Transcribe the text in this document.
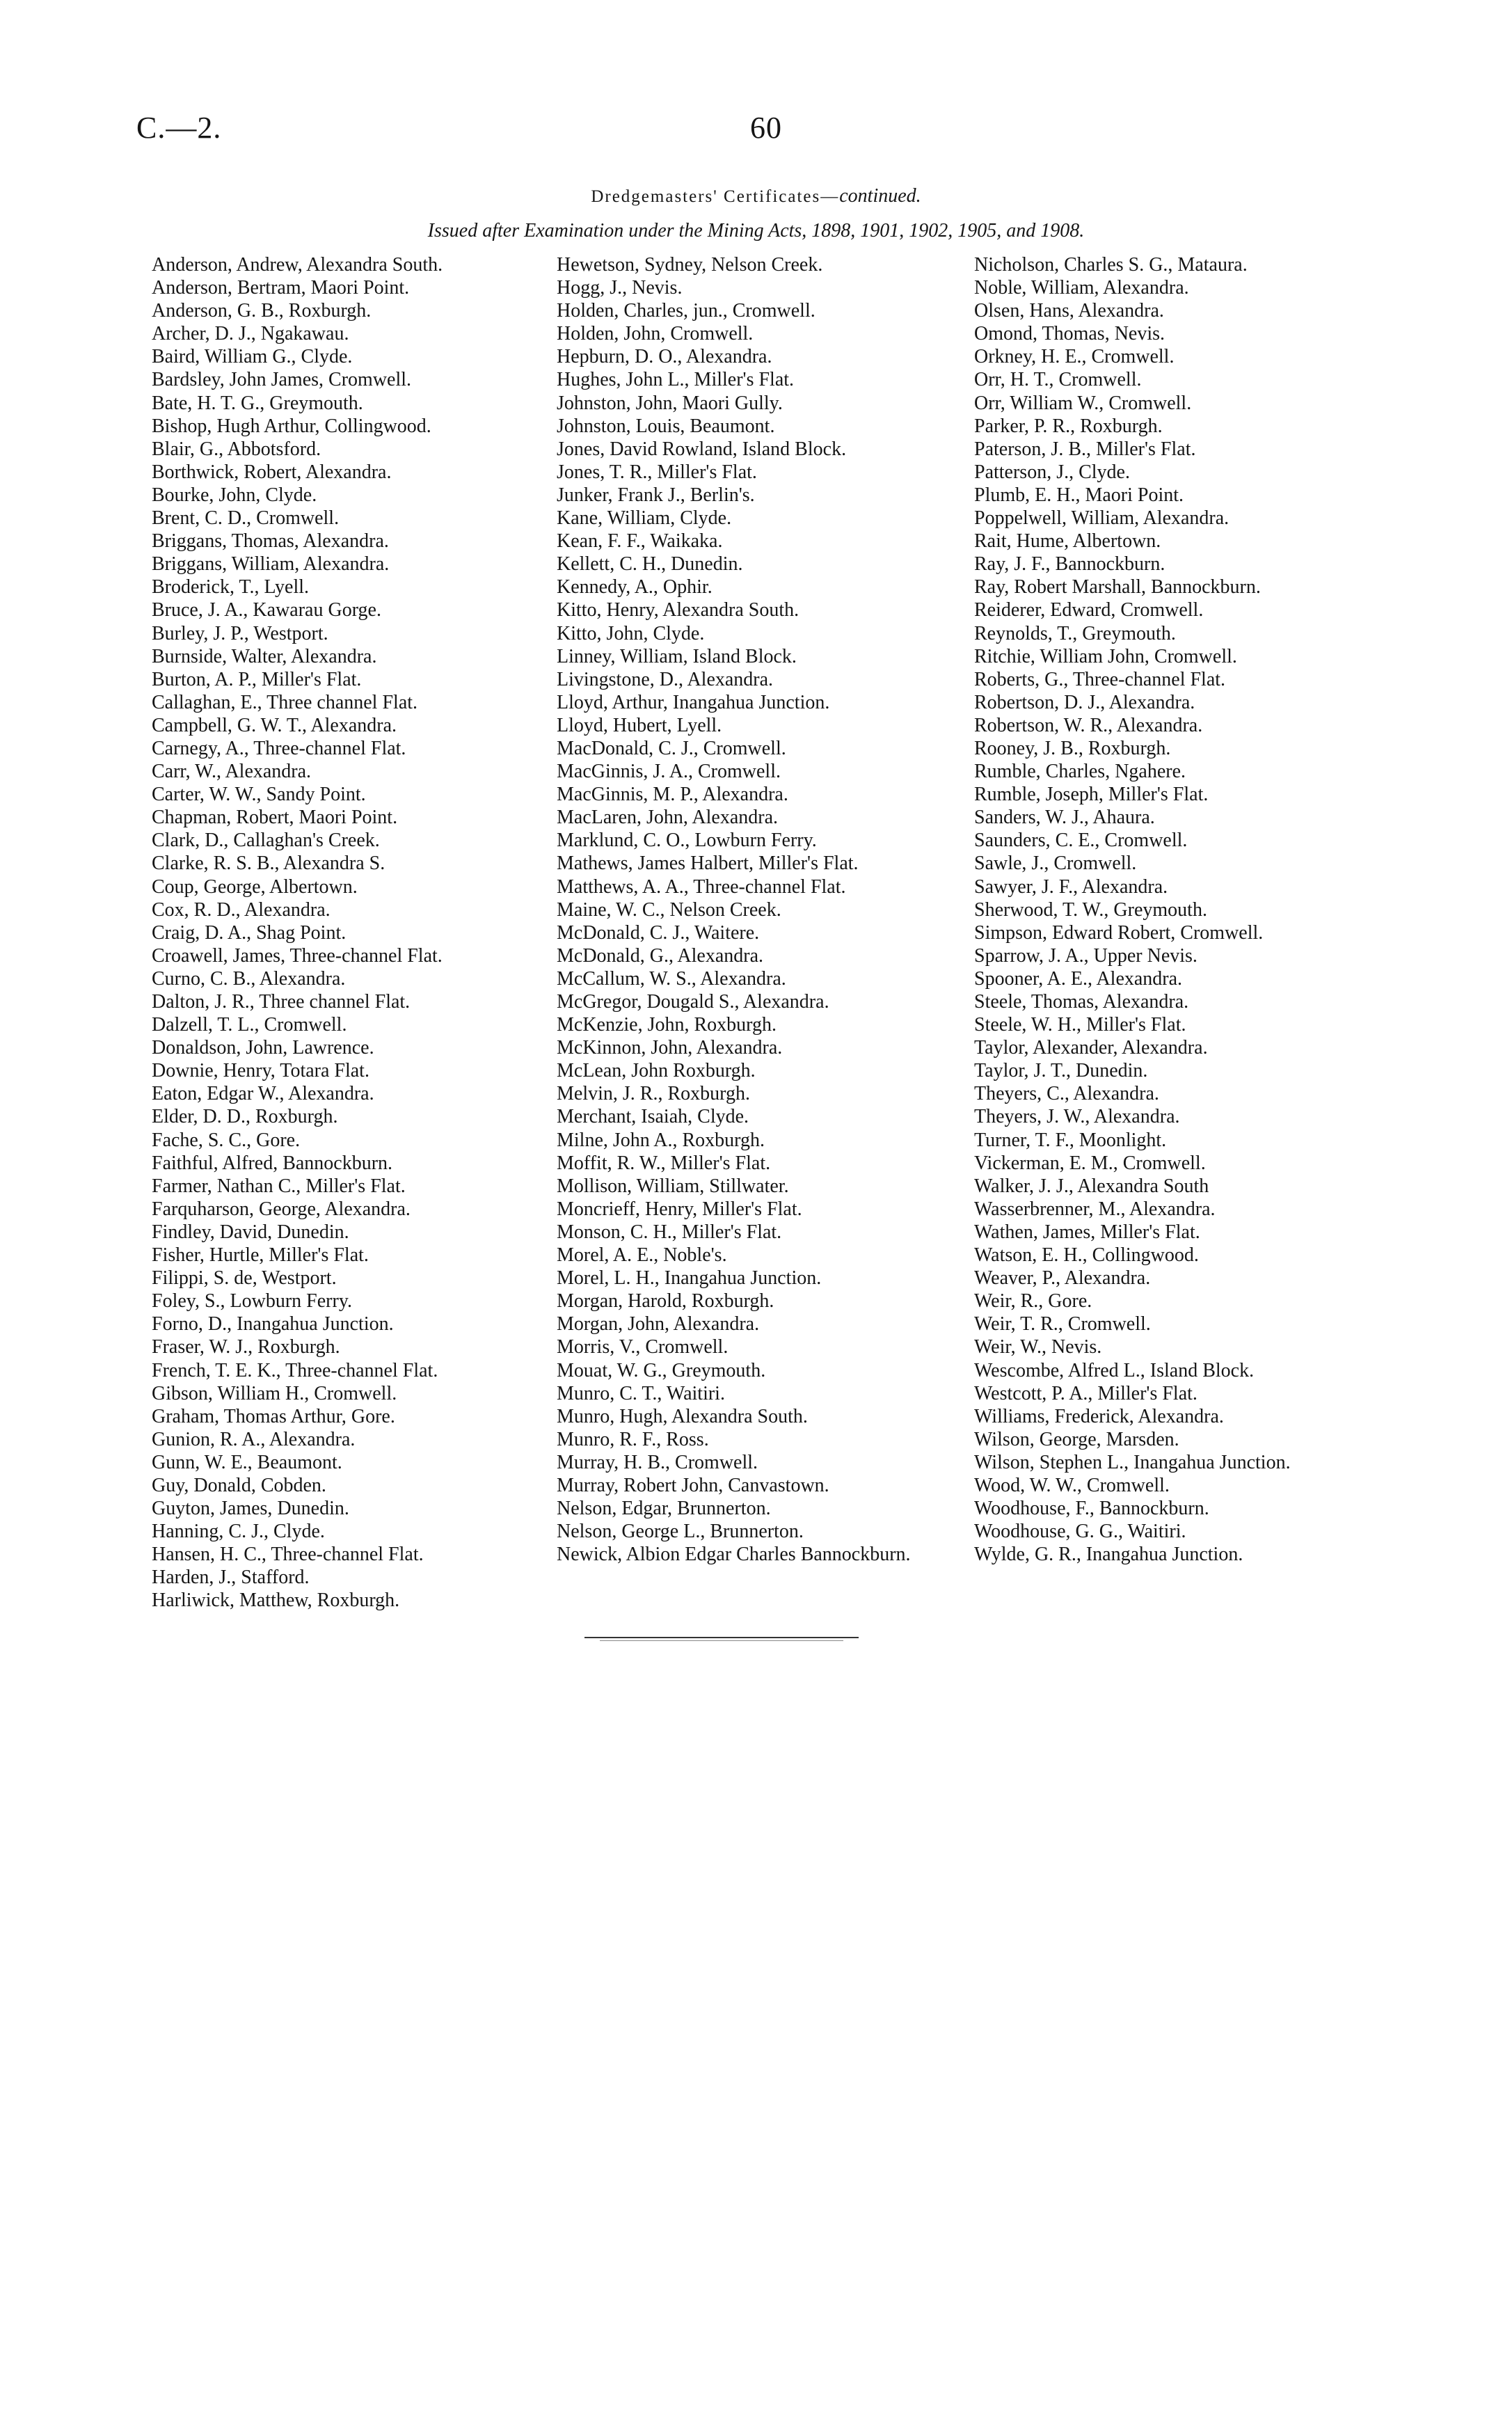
C.—2.	60
Dredgemasters' Certificates—continued.
Issued after Examination under the Mining Acts, 1898, 1901, 1902, 1905, and 1908.
Anderson, Andrew, Alexandra South.
Anderson, Bertram, Maori Point.
Anderson, G. B., Roxburgh.
Archer, D. J., Ngakawau.
Baird, William G., Clyde.
Bardsley, John James, Cromwell.
Bate, H. T. G., Greymouth.
Bishop, Hugh Arthur, Collingwood.
Blair, G., Abbotsford.
Borthwick, Robert, Alexandra.
Bourke, John, Clyde.
Brent, C. D., Cromwell.
Briggans, Thomas, Alexandra.
Briggans, William, Alexandra.
Broderick, T., Lyell.
Bruce, J. A., Kawarau Gorge.
Burley, J. P., Westport.
Burnside, Walter, Alexandra.
Burton, A. P., Miller's Flat.
Callaghan, E., Three channel Flat.
Campbell, G. W. T., Alexandra.
Carnegy, A., Three-channel Flat.
Carr, W., Alexandra.
Carter, W. W., Sandy Point.
Chapman, Robert, Maori Point.
Clark, D., Callaghan's Creek.
Clarke, R. S. B., Alexandra S.
Coup, George, Albertown.
Cox, R. D., Alexandra.
Craig, D. A., Shag Point.
Croawell, James, Three-channel Flat.
Curno, C. B., Alexandra.
Dalton, J. R., Three channel Flat.
Dalzell, T. L., Cromwell.
Donaldson, John, Lawrence.
Downie, Henry, Totara Flat.
Eaton, Edgar W., Alexandra.
Elder, D. D., Roxburgh.
Fache, S. C., Gore.
Faithful, Alfred, Bannockburn.
Farmer, Nathan C., Miller's Flat.
Farquharson, George, Alexandra.
Findley, David, Dunedin.
Fisher, Hurtle, Miller's Flat.
Filippi, S. de, Westport.
Foley, S., Lowburn Ferry.
Forno, D., Inangahua Junction.
Fraser, W. J., Roxburgh.
French, T. E. K., Three-channel Flat.
Gibson, William H., Cromwell.
Graham, Thomas Arthur, Gore.
Gunion, R. A., Alexandra.
Gunn, W. E., Beaumont.
Guy, Donald, Cobden.
Guyton, James, Dunedin.
Hanning, C. J., Clyde.
Hansen, H. C., Three-channel Flat.
Harden, J., Stafford.
Harliwick, Matthew, Roxburgh.
Hewetson, Sydney, Nelson Creek.
Hogg, J., Nevis.
Holden, Charles, jun., Cromwell.
Holden, John, Cromwell.
Hepburn, D. O., Alexandra.
Hughes, John L., Miller's Flat.
Johnston, John, Maori Gully.
Johnston, Louis, Beaumont.
Jones, David Rowland, Island Block.
Jones, T. R., Miller's Flat.
Junker, Frank J., Berlin's.
Kane, William, Clyde.
Kean, F. F., Waikaka.
Kellett, C. H., Dunedin.
Kennedy, A., Ophir.
Kitto, Henry, Alexandra South.
Kitto, John, Clyde.
Linney, William, Island Block.
Livingstone, D., Alexandra.
Lloyd, Arthur, Inangahua Junction.
Lloyd, Hubert, Lyell.
MacDonald, C. J., Cromwell.
MacGinnis, J. A., Cromwell.
MacGinnis, M. P., Alexandra.
MacLaren, John, Alexandra.
Marklund, C. O., Lowburn Ferry.
Mathews, James Halbert, Miller's Flat.
Matthews, A. A., Three-channel Flat.
Maine, W. C., Nelson Creek.
McDonald, C. J., Waitere.
McDonald, G., Alexandra.
McCallum, W. S., Alexandra.
McGregor, Dougald S., Alexandra.
McKenzie, John, Roxburgh.
McKinnon, John, Alexandra.
McLean, John Roxburgh.
Melvin, J. R., Roxburgh.
Merchant, Isaiah, Clyde.
Milne, John A., Roxburgh.
Moffit, R. W., Miller's Flat.
Mollison, William, Stillwater.
Moncrieff, Henry, Miller's Flat.
Monson, C. H., Miller's Flat.
Morel, A. E., Noble's.
Morel, L. H., Inangahua Junction.
Morgan, Harold, Roxburgh.
Morgan, John, Alexandra.
Morris, V., Cromwell.
Mouat, W. G., Greymouth.
Munro, C. T., Waitiri.
Munro, Hugh, Alexandra South.
Munro, R. F., Ross.
Murray, H. B., Cromwell.
Murray, Robert John, Canvastown.
Nelson, Edgar, Brunnerton.
Nelson, George L., Brunnerton.
Newick, Albion Edgar Charles Bannockburn.
Nicholson, Charles S. G., Mataura.
Noble, William, Alexandra.
Olsen, Hans, Alexandra.
Omond, Thomas, Nevis.
Orkney, H. E., Cromwell.
Orr, H. T., Cromwell.
Orr, William W., Cromwell.
Parker, P. R., Roxburgh.
Paterson, J. B., Miller's Flat.
Patterson, J., Clyde.
Plumb, E. H., Maori Point.
Poppelwell, William, Alexandra.
Rait, Hume, Albertown.
Ray, J. F., Bannockburn.
Ray, Robert Marshall, Bannockburn.
Reiderer, Edward, Cromwell.
Reynolds, T., Greymouth.
Ritchie, William John, Cromwell.
Roberts, G., Three-channel Flat.
Robertson, D. J., Alexandra.
Robertson, W. R., Alexandra.
Rooney, J. B., Roxburgh.
Rumble, Charles, Ngahere.
Rumble, Joseph, Miller's Flat.
Sanders, W. J., Ahaura.
Saunders, C. E., Cromwell.
Sawle, J., Cromwell.
Sawyer, J. F., Alexandra.
Sherwood, T. W., Greymouth.
Simpson, Edward Robert, Cromwell.
Sparrow, J. A., Upper Nevis.
Spooner, A. E., Alexandra.
Steele, Thomas, Alexandra.
Steele, W. H., Miller's Flat.
Taylor, Alexander, Alexandra.
Taylor, J. T., Dunedin.
Theyers, C., Alexandra.
Theyers, J. W., Alexandra.
Turner, T. F., Moonlight.
Vickerman, E. M., Cromwell.
Walker, J. J., Alexandra South
Wasserbrenner, M., Alexandra.
Wathen, James, Miller's Flat.
Watson, E. H., Collingwood.
Weaver, P., Alexandra.
Weir, R., Gore.
Weir, T. R., Cromwell.
Weir, W., Nevis.
Wescombe, Alfred L., Island Block.
Westcott, P. A., Miller's Flat.
Williams, Frederick, Alexandra.
Wilson, George, Marsden.
Wilson, Stephen L., Inangahua Junction.
Wood, W. W., Cromwell.
Woodhouse, F., Bannockburn.
Woodhouse, G. G., Waitiri.
Wylde, G. R., Inangahua Junction.
